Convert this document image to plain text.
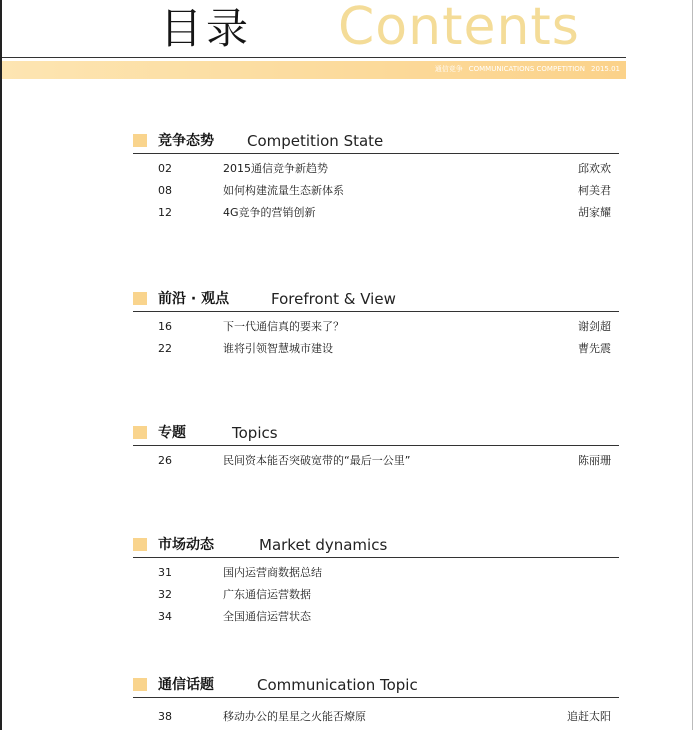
目录 Contents
通信竞争 COMMUNICATIONS COMPETITION 2015.01
竞争态势 Competition State
02	2015通信竞争新趋势	邱欢欢
08	如何构建流量生态新体系	柯美君
12	4G竞争的营销创新	胡家耀
前沿 · 观点	Forefront & View
16	下一代通信真的要来了？	谢剑超
22	谁将引领智慧城市建设	曹先震
专题	Topics
26	民间资本能否突破宽带的“最后一公里”	陈丽珊
市场动态	Market dynamics
31	国内运营商数据总结
32	广东通信运营数据
34	全国通信运营状态
通信话题	Communication Topic
38	移动办公的星星之火能否燎原	追赶太阳
